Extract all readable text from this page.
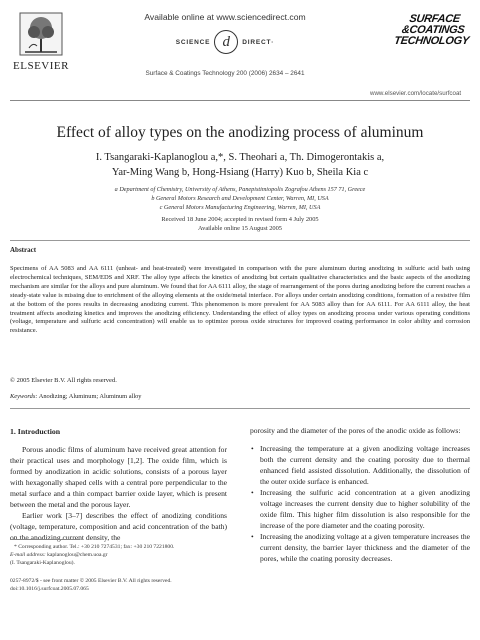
ELSEVIER
Available online at www.sciencedirect.com
SCIENCE d	DIRECT·
Surface & Coatings Technology 200 (2006) 2634 – 2641
SURFACE
&COATINGS
TECHNOLOGY
www.elsevier.com/locate/surfcoat
Effect of alloy types on the anodizing process of aluminum
I. Tsangaraki-Kaplanoglou a,*, S. Theohari a, Th. Dimogerontakis a,
Yar-Ming Wang b, Hong-Hsiang (Harry) Kuo b, Sheila Kia c
a Department of Chemistry, University of Athens, Panepistimiopolis Zografou Athens 157 71, Greece
b General Motors Research and Development Center, Warren, MI, USA
c General Motors Manufacturing Engineering, Warren, MI, USA
Received 18 June 2004; accepted in revised form 4 July 2005
Available online 15 August 2005
Abstract
Specimens of AA 5083 and AA 6111 (unheat- and heat-treated) were investigated in comparison with the pure aluminum during anodizing in sulfuric acid bath using electrochemical techniques, SEM/EDS and XRF. The alloy type affects the kinetics of anodizing but certain qualitative characteristics and the basic aspects of the anodizing mechanism are similar for the alloys and pure aluminum. We found that for AA 6111 alloy, the stage of rearrangement of the pores during anodizing before the current reaches a steady-state value is missing due to enrichment of the alloying elements at the oxide/metal interface. For alloys under certain anodizing conditions, formation of a resistive film at the bottom of the pores results in decreasing anodizing current. This phenomenon is more prevalent for AA 5083 alloy than for AA 6111. For AA 6111 alloy, the heat treatment affects anodizing kinetics and improves the anodizing efficiency. Understanding the effect of alloy types on anodizing process under various operating conditions (voltage, temperature and sulfuric acid concentration) will enable us to optimize porous oxide structures for improved coating performance in color ability and corrosion resistance.
© 2005 Elsevier B.V. All rights reserved.
Keywords: Anodizing; Aluminum; Aluminum alloy
1. Introduction

Porous anodic films of aluminum have received great attention for their practical uses and morphology [1,2]. The oxide film, which is formed by anodization in acidic solutions, consists of a porous layer with hexagonally shaped cells with a central pore perpendicular to the metal surface and a thin compact barrier oxide layer, which is present between the metal and the porous layer.

Earlier work [3–7] describes the effect of anodizing conditions (voltage, temperature, composition and acid concentration of the bath) on the anodizing current density, the

* Corresponding author. Tel.: +30 210 7274531; fax: +30 210 7221800.
E-mail address: kaplanoglou@chem.uoa.gr
(I. Tsangaraki-Kaplanoglou).
0257-8972/$ - see front matter © 2005 Elsevier B.V. All rights reserved.
doi:10.1016/j.surfcoat.2005.07.065

porosity and the diameter of the pores of the anodic oxide as follows:

• Increasing the temperature at a given anodizing voltage increases both the current density and the coating porosity due to thermal enhanced field assisted dissolution. Additionally, the dissolution of the outer oxide surface is enhanced.
• Increasing the sulfuric acid concentration at a given anodizing voltage increases the current density due to higher solubility of the oxide film. This higher film dissolution is also responsible for the increase of the pore diameter and the coating porosity.
• Increasing the anodizing voltage at a given temperature increases the current density, the barrier layer thickness and the diameter of the pores, while the coating porosity decreases.
